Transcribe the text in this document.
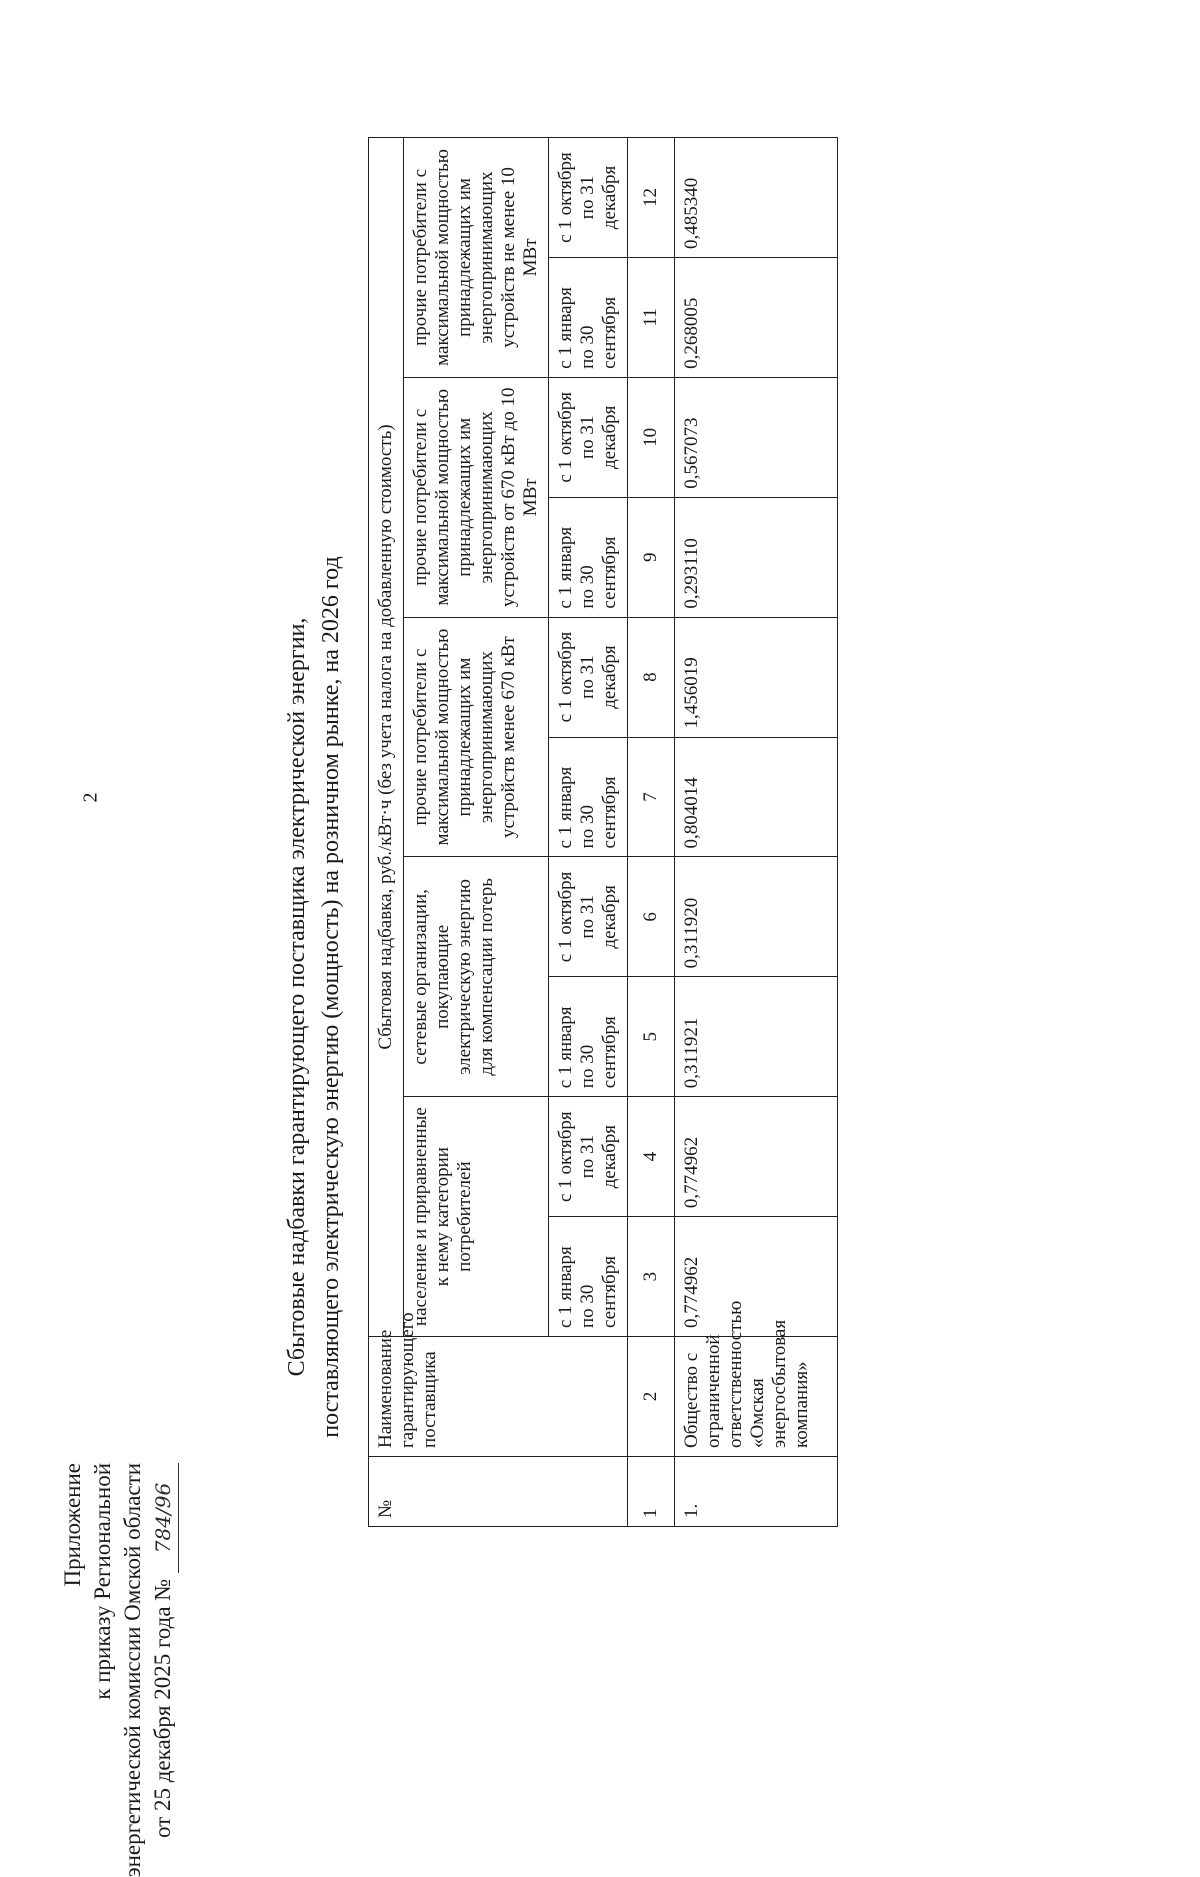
2
Приложение к приказу Региональной энергетической комиссии Омской области от 25 декабря 2025 года № 784/96
Сбытовые надбавки гарантирующего поставщика электрической энергии, поставляющего электрическую энергию (мощность) на розничном рынке, на 2026 год
№	Наименование гарантирующего поставщика	Сбытовая надбавка, руб./кВт·ч (без учета налога на добавленную стоимость)									
		население и приравненные к нему категории потребителей		сетевые организации, покупающие электрическую энергию для компенсации потерь		прочие потребители с максимальной мощностью принадлежащих им энергопринимающих устройств менее 670 кВт		прочие потребители с максимальной мощностью принадлежащих им энергопринимающих устройств от 670 кВт до 10 МВт		прочие потребители с максимальной мощностью принадлежащих им энергопринимающих устройств не менее 10 МВт	
		с 1 января по 30 сентября	с 1 октября по 31 декабря	с 1 января по 30 сентября	с 1 октября по 31 декабря	с 1 января по 30 сентября	с 1 октября по 31 декабря	с 1 января по 30 сентября	с 1 октября по 31 декабря	с 1 января по 30 сентября	с 1 октября по 31 декабря
1	2	3	4	5	6	7	8	9	10	11	12
1.	Общество с ограниченной ответственностью «Омская энергосбытовая компания»	0,774962	0,774962	0,311921	0,311920	0,804014	1,456019	0,293110	0,567073	0,268005	0,485340
